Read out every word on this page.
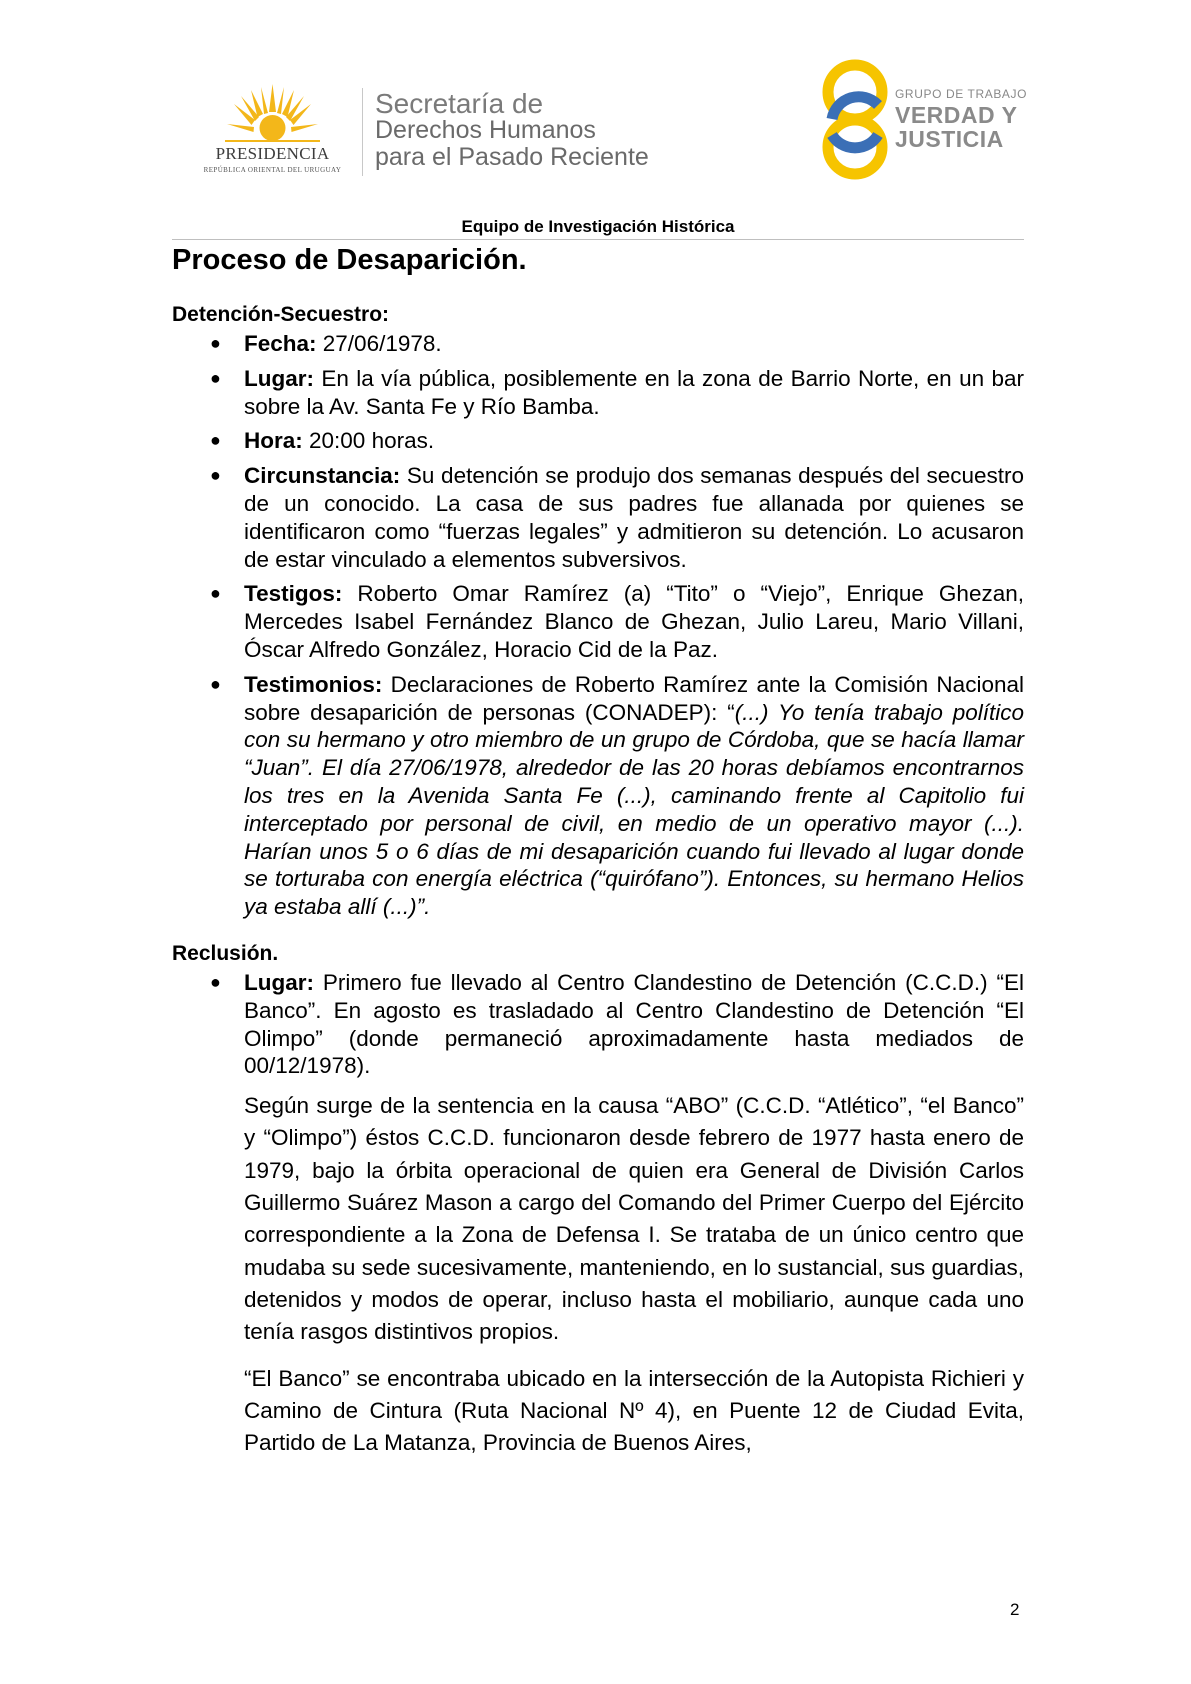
PRESIDENCIA
REPÚBLICA ORIENTAL DEL URUGUAY
Secretaría de
Derechos Humanos
para el Pasado Reciente
GRUPO DE TRABAJO
VERDAD Y
JUSTICIA
Equipo de Investigación Histórica
Proceso de Desaparición.
Detención-Secuestro:
● Fecha: 27/06/1978.
● Lugar: En la vía pública, posiblemente en la zona de Barrio Norte, en un bar sobre la Av. Santa Fe y Río Bamba.
● Hora: 20:00 horas.
● Circunstancia: Su detención se produjo dos semanas después del secuestro de un conocido. La casa de sus padres fue allanada por quienes se identificaron como “fuerzas legales” y admitieron su detención. Lo acusaron de estar vinculado a elementos subversivos.
● Testigos: Roberto Omar Ramírez (a) “Tito” o “Viejo”, Enrique Ghezan, Mercedes Isabel Fernández Blanco de Ghezan, Julio Lareu, Mario Villani, Óscar Alfredo González, Horacio Cid de la Paz.
● Testimonios: Declaraciones de Roberto Ramírez ante la Comisión Nacional sobre desaparición de personas (CONADEP): “(...) Yo tenía trabajo político con su hermano y otro miembro de un grupo de Córdoba, que se hacía llamar “Juan”. El día 27/06/1978, alrededor de las 20 horas debíamos encontrarnos los tres en la Avenida Santa Fe (...), caminando frente al Capitolio fui interceptado por personal de civil, en medio de un operativo mayor (...). Harían unos 5 o 6 días de mi desaparición cuando fui llevado al lugar donde se torturaba con energía eléctrica (“quirófano”). Entonces, su hermano Helios ya estaba allí (...)”.
Reclusión.
● Lugar: Primero fue llevado al Centro Clandestino de Detención (C.C.D.) “El Banco”. En agosto es trasladado al Centro Clandestino de Detención “El Olimpo” (donde permaneció aproximadamente hasta mediados de 00/12/1978).

Según surge de la sentencia en la causa “ABO” (C.C.D. “Atlético”, “el Banco” y “Olimpo”) éstos C.C.D. funcionaron desde febrero de 1977 hasta enero de 1979, bajo la órbita operacional de quien era General de División Carlos Guillermo Suárez Mason a cargo del Comando del Primer Cuerpo del Ejército correspondiente a la Zona de Defensa I. Se trataba de un único centro que mudaba su sede sucesivamente, manteniendo, en lo sustancial, sus guardias, detenidos y modos de operar, incluso hasta el mobiliario, aunque cada uno tenía rasgos distintivos propios.

“El Banco” se encontraba ubicado en la intersección de la Autopista Richieri y Camino de Cintura (Ruta Nacional Nº 4), en Puente 12 de Ciudad Evita, Partido de La Matanza, Provincia de Buenos Aires,

2
